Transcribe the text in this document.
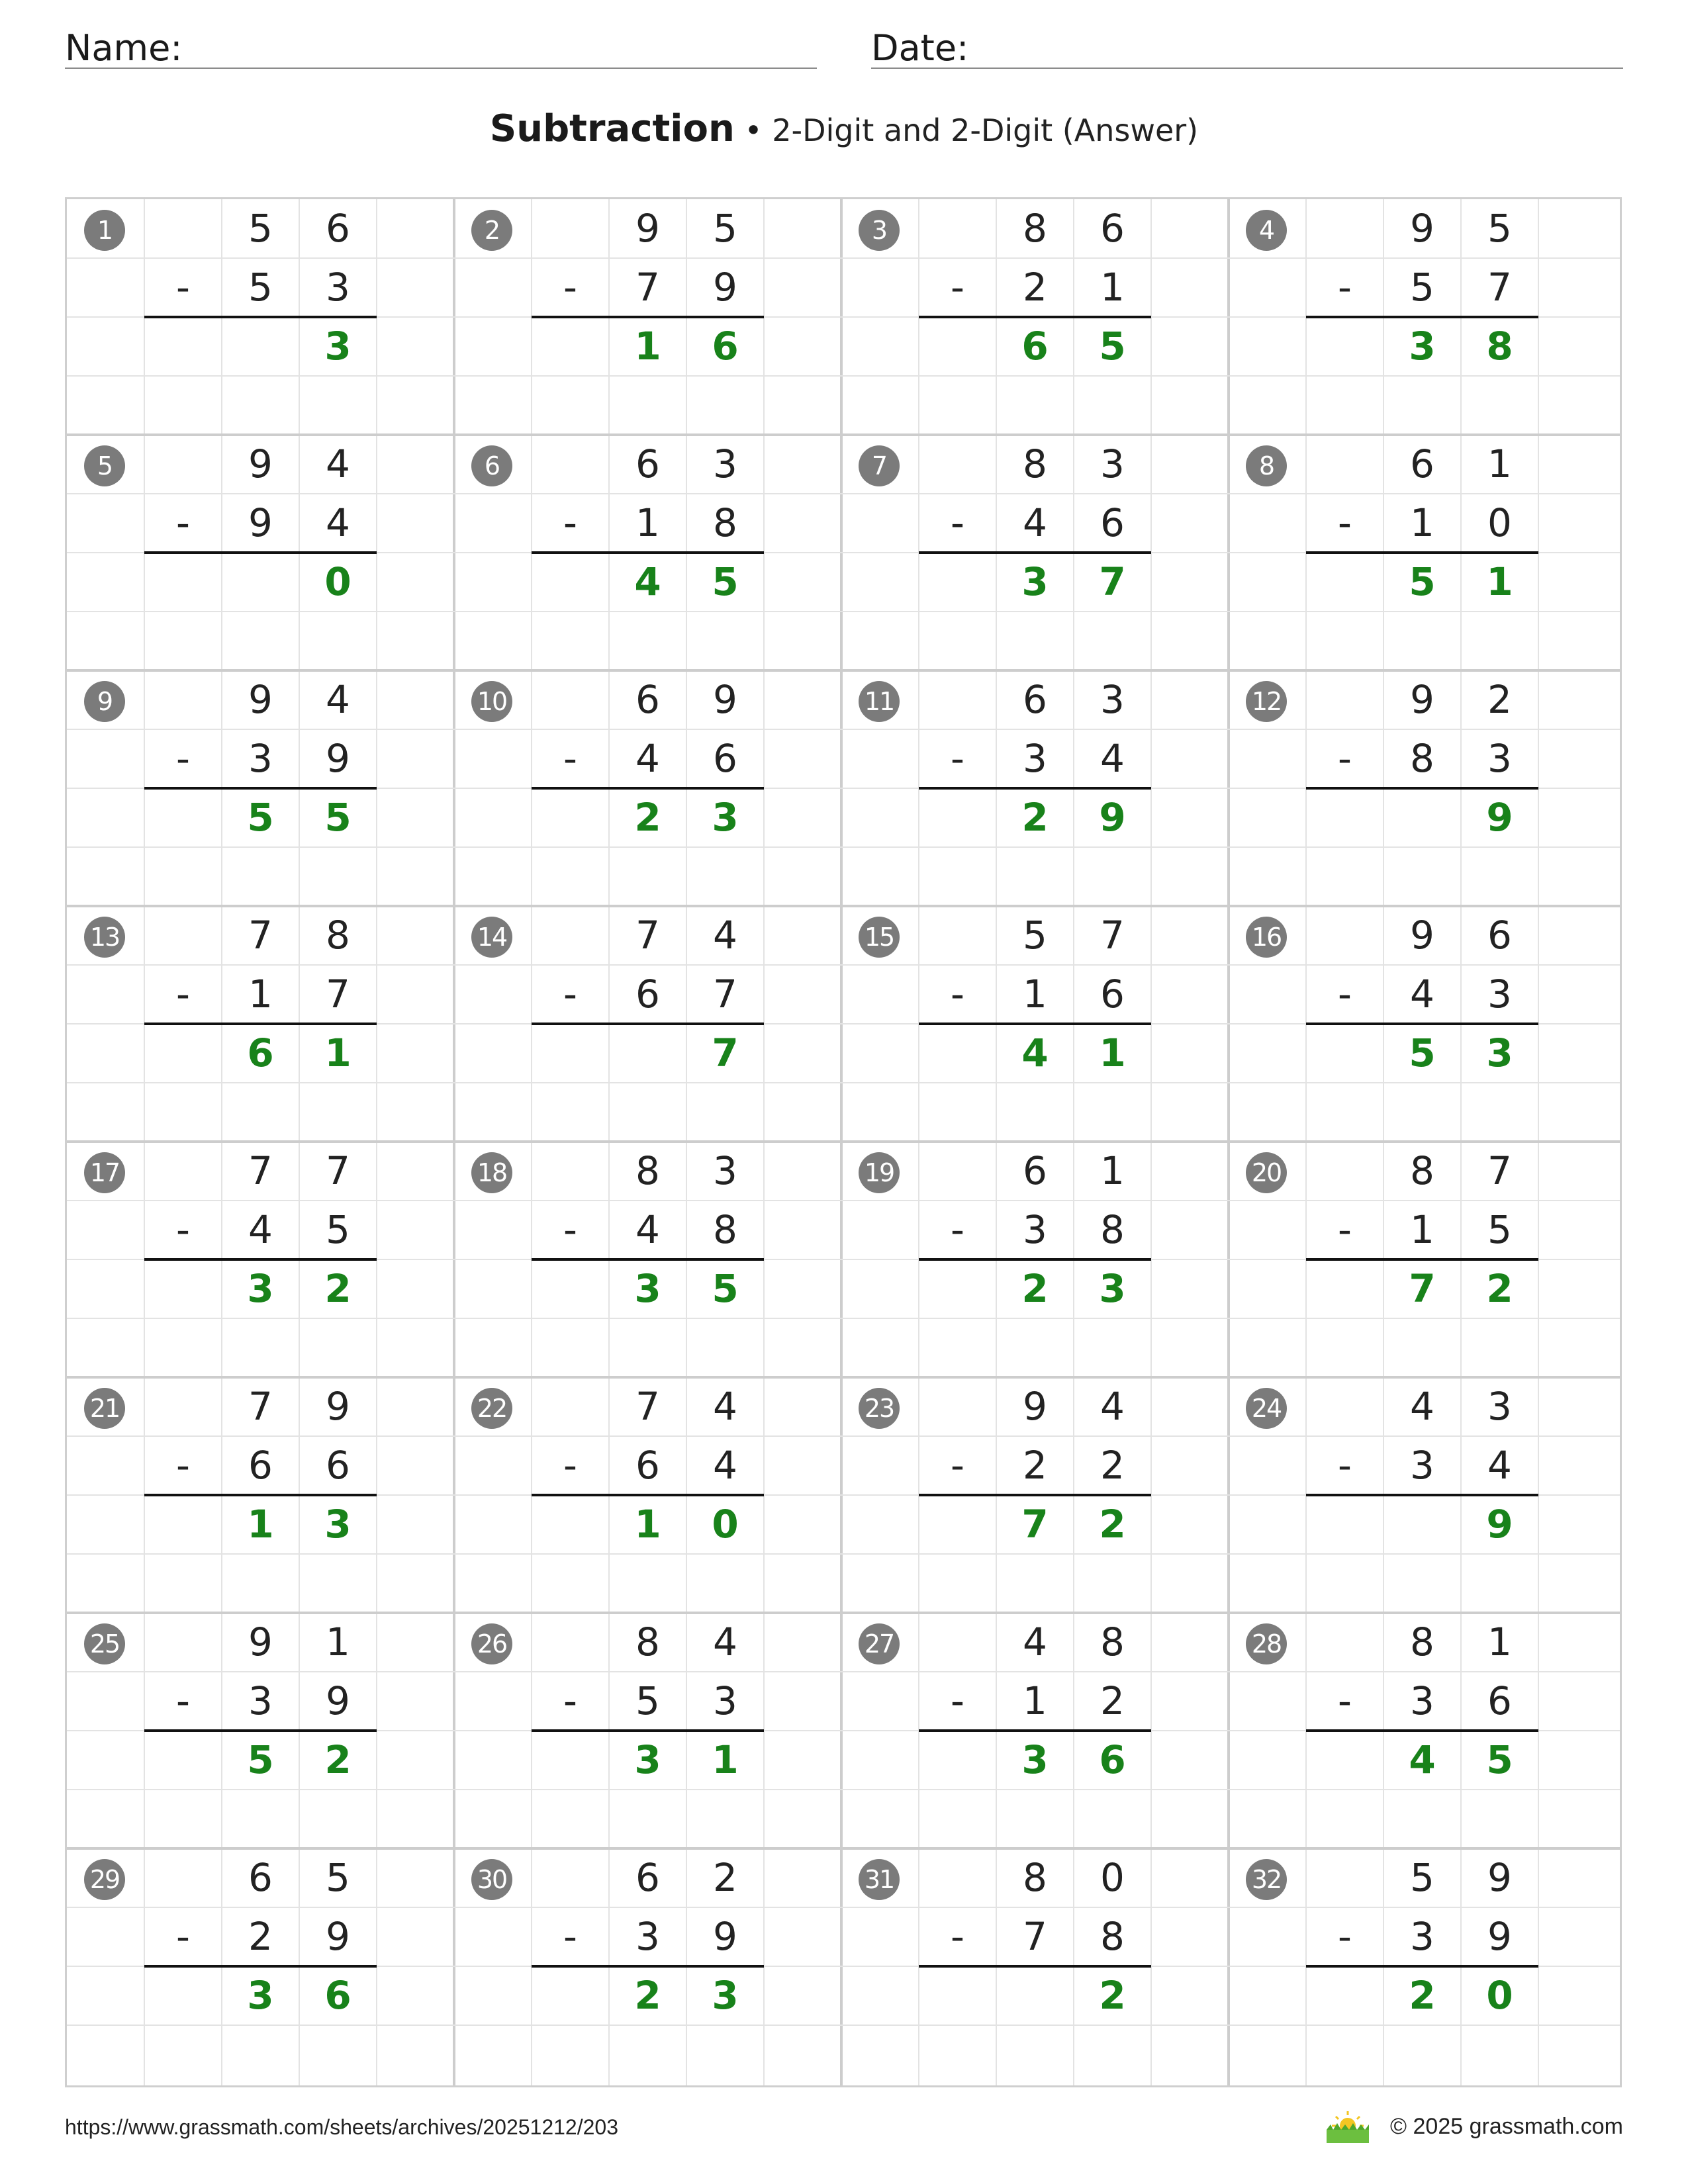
Name:	Date:
Subtraction • 2-Digit and 2-Digit (Answer)
1	5	6
-	5	3
3
2	9	5
-	7	9
1	6
3	8	6
-	2	1
6	5
4	9	5
-	5	7
3	8
5	9	4
-	9	4
0
6	6	3
-	1	8
4	5
7	8	3
-	4	6
3	7
8	6	1
-	1	0
5	1
9	9	4
-	3	9
5	5
10	6	9
-	4	6
2	3
11	6	3
-	3	4
2	9
12	9	2
-	8	3
9
13	7	8
-	1	7
6	1
14	7	4
-	6	7
7
15	5	7
-	1	6
4	1
16	9	6
-	4	3
5	3
17	7	7
-	4	5
3	2
18	8	3
-	4	8
3	5
19	6	1
-	3	8
2	3
20	8	7
-	1	5
7	2
21	7	9
-	6	6
1	3
22	7	4
-	6	4
1	0
23	9	4
-	2	2
7	2
24	4	3
-	3	4
9
25	9	1
-	3	9
5	2
26	8	4
-	5	3
3	1
27	4	8
-	1	2
3	6
28	8	1
-	3	6
4	5
29	6	5
-	2	9
3	6
30	6	2
-	3	9
2	3
31	8	0
-	7	8
2
32	5	9
-	3	9
2	0
https://www.grassmath.com/sheets/archives/20251212/203	© 2025 grassmath.com
